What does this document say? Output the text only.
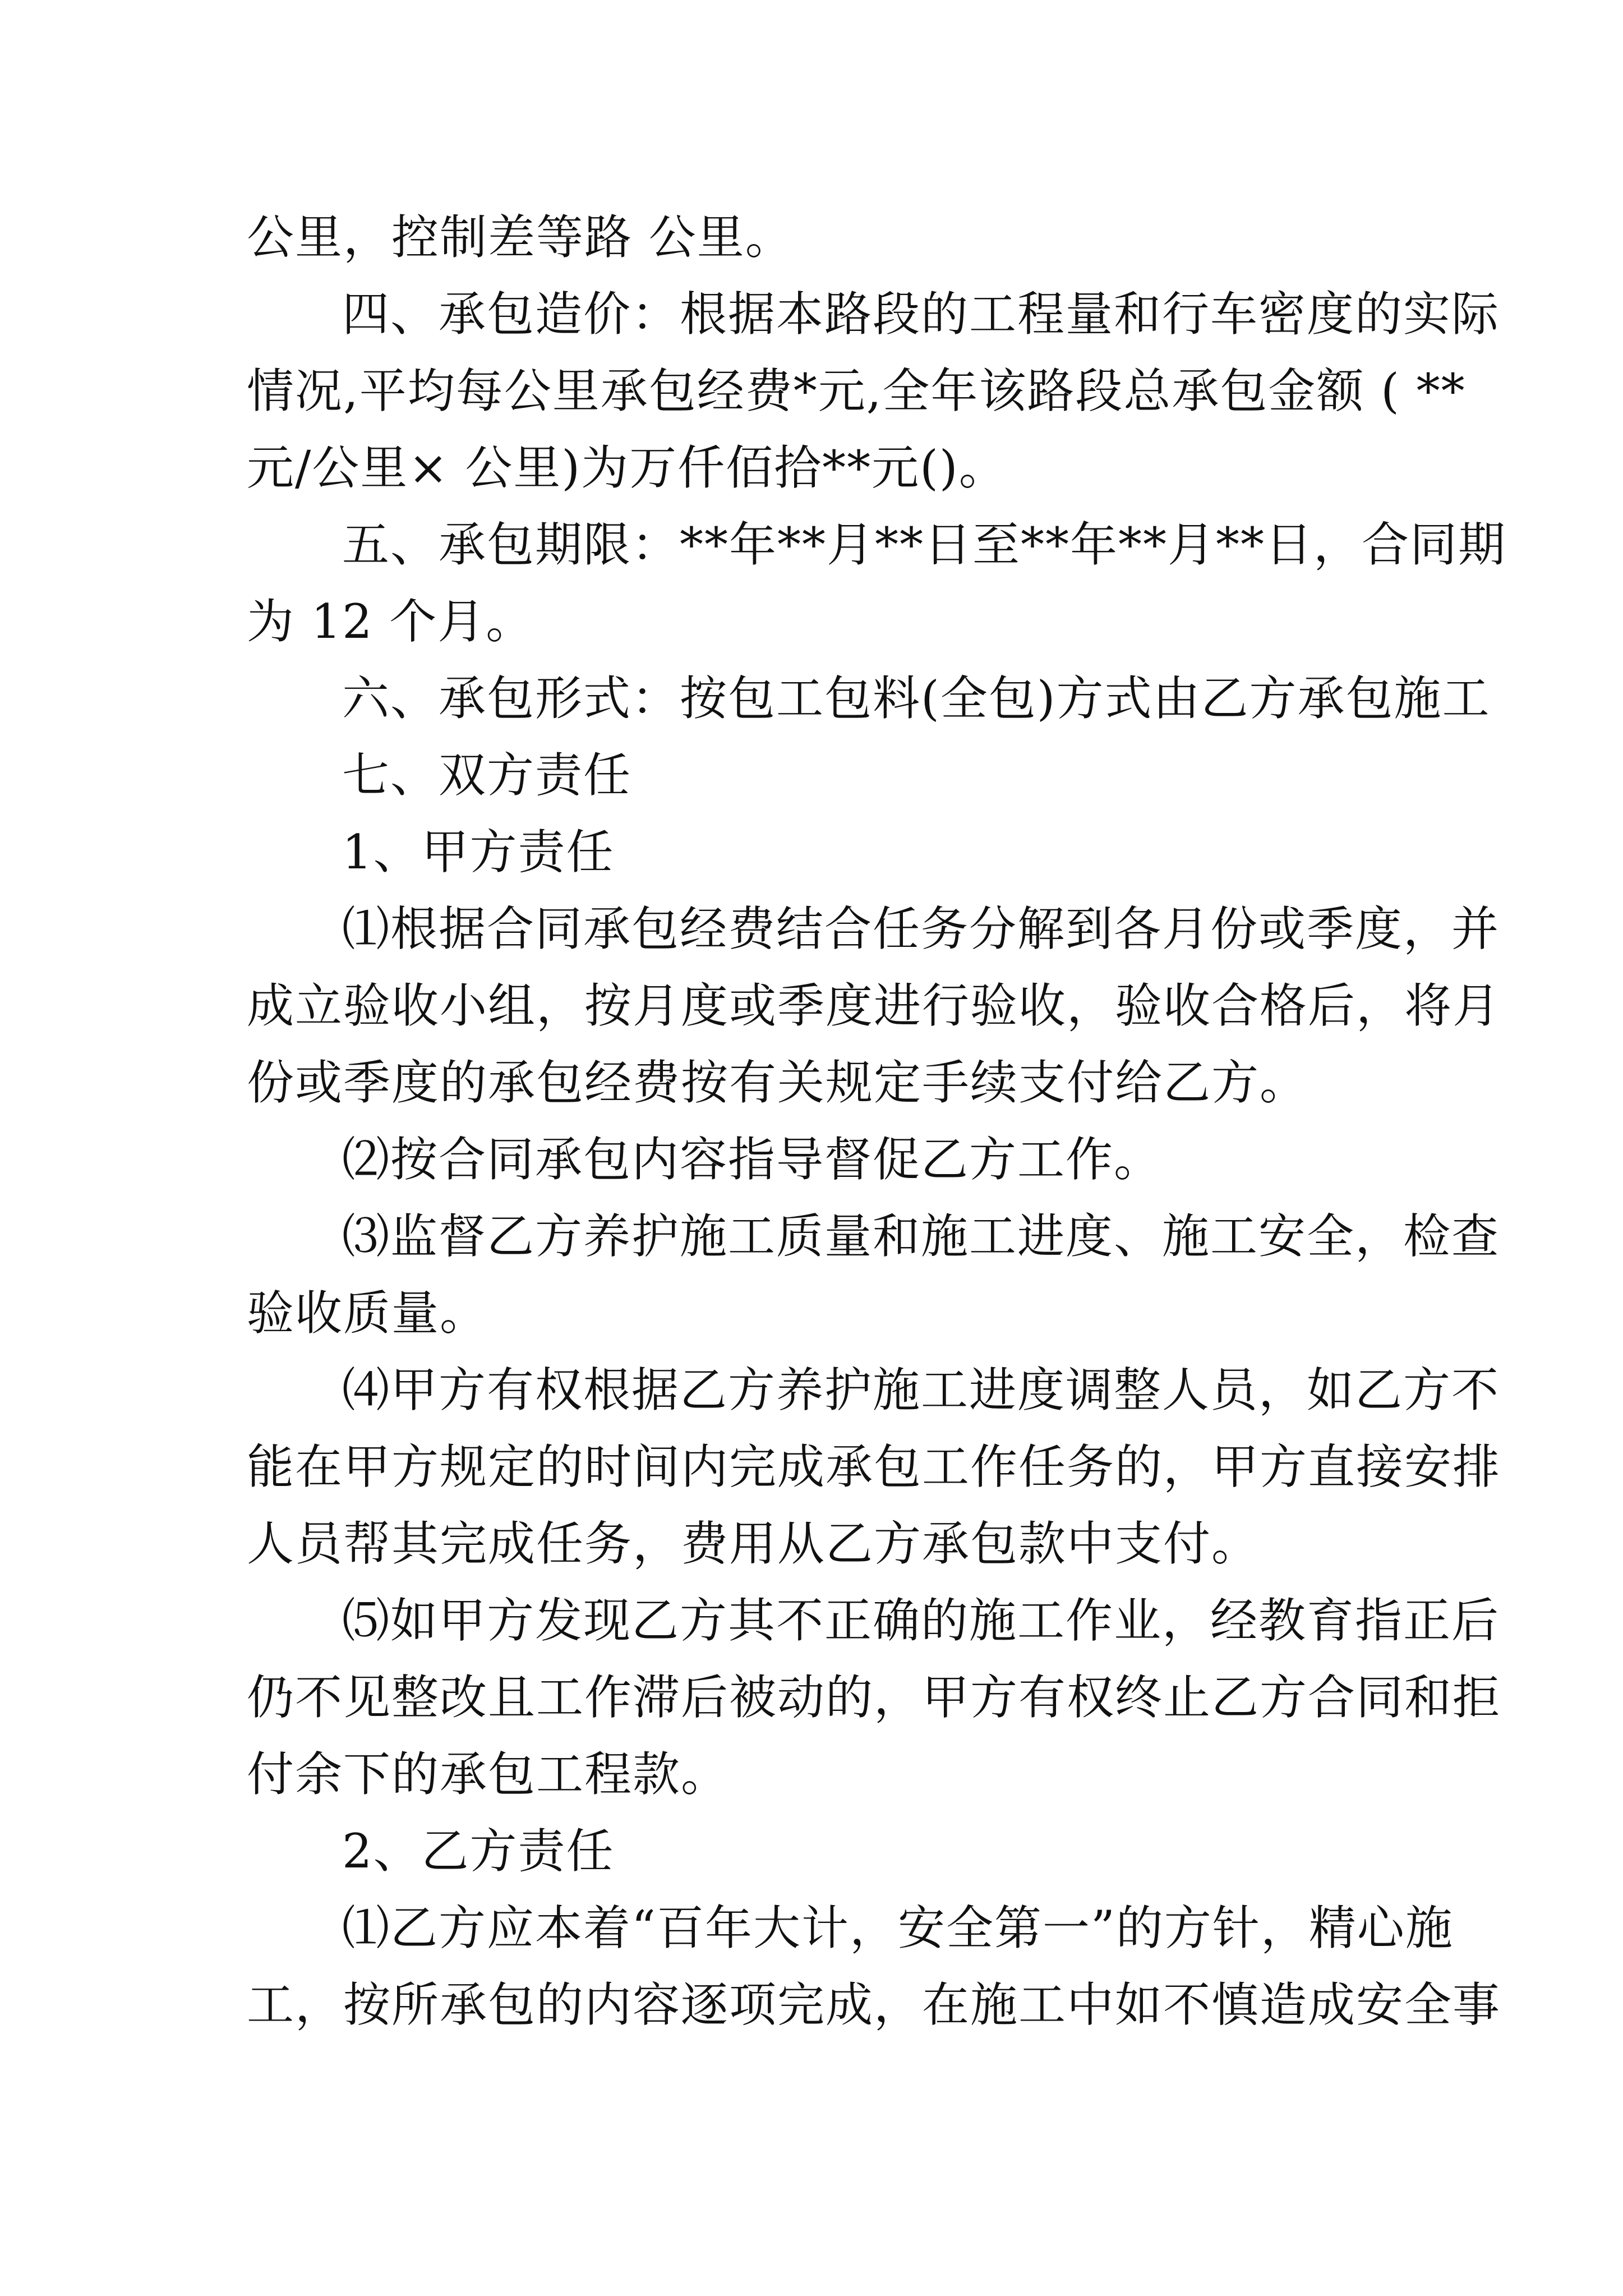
公里，控制差等路 公里。
四、承包造价：根据本路段的工程量和行车密度的实际
情况,平均每公里承包经费*元,全年该路段总承包金额 ( **
元/公里× 公里)为万仟佰拾**元()。
五、承包期限：**年**月**日至**年**月**日，合同期
为 12 个月。
六、承包形式：按包工包料(全包)方式由乙方承包施工
七、双方责任
1、甲方责任
⑴根据合同承包经费结合任务分解到各月份或季度，并
成立验收小组，按月度或季度进行验收，验收合格后，将月
份或季度的承包经费按有关规定手续支付给乙方。
⑵按合同承包内容指导督促乙方工作。
⑶监督乙方养护施工质量和施工进度、施工安全，检查
验收质量。
⑷甲方有权根据乙方养护施工进度调整人员，如乙方不
能在甲方规定的时间内完成承包工作任务的，甲方直接安排
人员帮其完成任务，费用从乙方承包款中支付。
⑸如甲方发现乙方其不正确的施工作业，经教育指正后
仍不见整改且工作滞后被动的，甲方有权终止乙方合同和拒
付余下的承包工程款。
2、乙方责任
⑴乙方应本着“百年大计，安全第一”的方针，精心施
工，按所承包的内容逐项完成，在施工中如不慎造成安全事
